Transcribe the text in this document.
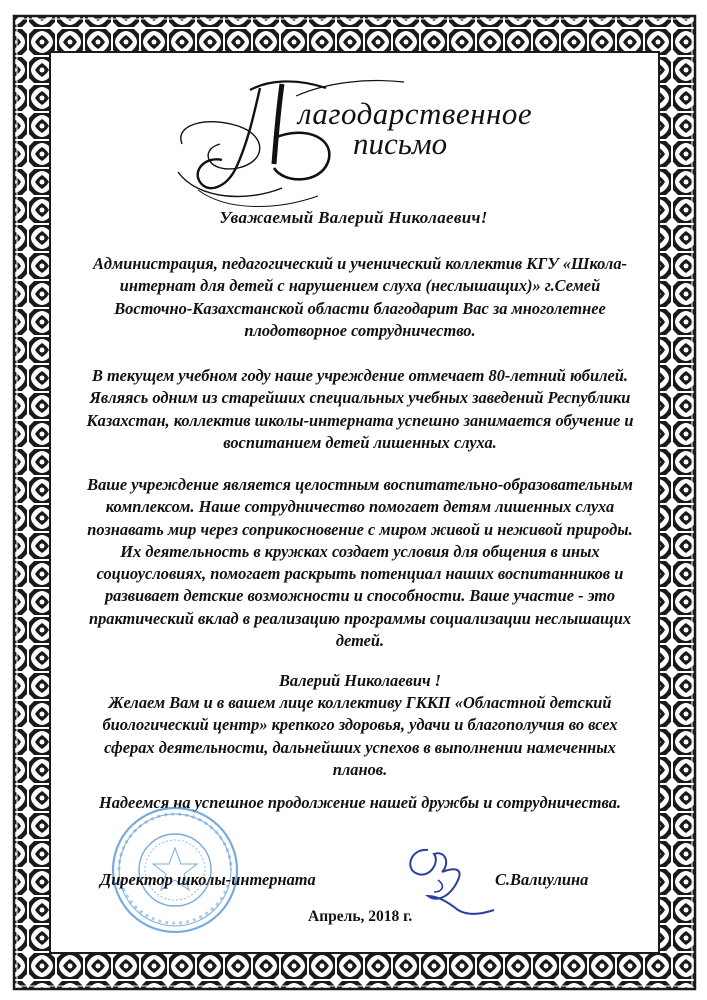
лагодарственное
письмо
Уважаемый Валерий Николаевич!

Администрация, педагогический и ученический коллектив КГУ «Школа-интернат для детей с нарушением слуха (неслышащих)» г.Семей Восточно-Казахстанской области благодарит Вас за многолетнее плодотворное сотрудничество.

В текущем учебном году наше учреждение отмечает 80-летний юбилей. Являясь одним из старейших специальных учебных заведений Республики Казахстан, коллектив школы-интерната успешно занимается обучение и воспитанием детей лишенных слуха.

Ваше учреждение является целостным воспитательно-образовательным комплексом. Наше сотрудничество помогает детям лишенных слуха познавать мир через соприкосновение с миром живой и неживой природы. Их деятельность в кружках создает условия для общения в иных социоусловиях, помогает раскрыть потенциал наших воспитанников и развивает детские возможности и способности. Ваше участие - это практический вклад в реализацию программы социализации неслышащих детей.

Валерий Николаевич !

Желаем Вам и в вашем лице коллективу ГККП «Областной детский биологический центр» крепкого здоровья, удачи и благополучия во всех сферах деятельности, дальнейших успехов в выполнении намеченных планов.

Надеемся на успешное продолжение нашей дружбы и сотрудничества.

Директор школы-интерната	С.Валиулина
Апрель, 2018 г.
